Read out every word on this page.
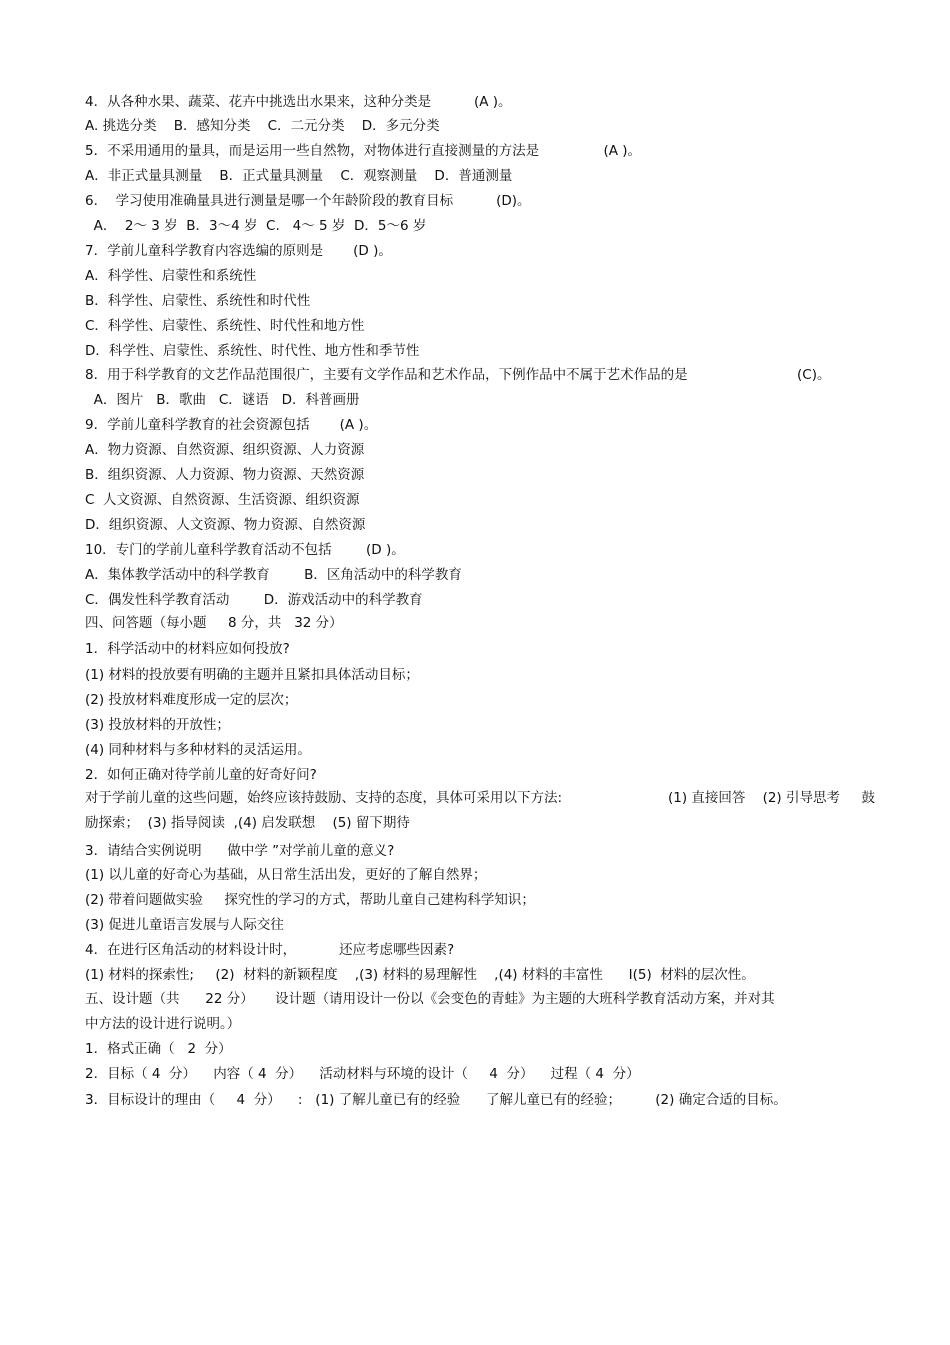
4．从各种水果、蔬菜、花卉中挑选出水果来，这种分类是          (A )。
A. 挑选分类    B．感知分类    C．二元分类    D．多元分类
5．不采用通用的量具，而是运用一些自然物，对物体进行直接测量的方法是               (A )。
A．非正式量具测量    B．正式量具测量    C．观察测量    D．普通测量
6．  学习使用准确量具进行测量是哪一个年龄阶段的教育目标          (D)。
A．  2～ 3 岁  B．3～4 岁  C.   4～ 5 岁  D．5～6 岁
7．学前儿童科学教育内容选编的原则是       (D )。
A．科学性、启蒙性和系统性
B．科学性、启蒙性、系统性和时代性
C．科学性、启蒙性、系统性、时代性和地方性
D．科学性、启蒙性、系统性、时代性、地方性和季节性
8．用于科学教育的文艺作品范围很广，主要有文学作品和艺术作品，下例作品中不属于艺术作品的是	(C)。
A．图片   B．歌曲   C．谜语   D．科普画册
9．学前儿童科学教育的社会资源包括       (A )。
A．物力资源、自然资源、组织资源、人力资源
B．组织资源、人力资源、物力资源、天然资源
C  人文资源、自然资源、生活资源、组织资源
D．组织资源、人文资源、物力资源、自然资源
10．专门的学前儿童科学教育活动不包括        (D )。
A．集体教学活动中的科学教育        B．区角活动中的科学教育
C．偶发性科学教育活动        D．游戏活动中的科学教育
四、问答题（每小题     8 分，共   32 分）
1．科学活动中的材料应如何投放?
(1) 材料的投放要有明确的主题并且紧扣具体活动目标；
(2) 投放材料难度形成一定的层次；
(3) 投放材料的开放性；
(4) 同种材料与多种材料的灵活运用。
2．如何正确对待学前儿童的好奇好问?
对于学前儿童的这些问题，始终应该持鼓励、支持的态度，具体可采用以下方法:	(1) 直接回答    (2) 引导思考     鼓
励探索；  (3) 指导阅读  ,(4) 启发联想    (5) 留下期待
3．请结合实例说明      做中学 ”对学前儿童的意义?
(1) 以儿童的好奇心为基础，从日常生活出发，更好的了解自然界；
(2) 带着问题做实验     探究性的学习的方式，帮助儿童自己建构科学知识；
(3) 促进儿童语言发展与人际交往
4．在进行区角活动的材料设计时，          还应考虑哪些因素?
(1) 材料的探索性;     (2)  材料的新颖程度    ,(3) 材料的易理解性    ,(4) 材料的丰富性      I(5)  材料的层次性。
五、设计题（共      22 分）     设计题（请用设计一份以《会变色的青蛙》为主题的大班科学教育活动方案，并对其
中方法的设计进行说明。）
1．格式正确（   2  分）
2．目标（ 4  分）    内容（ 4  分）    活动材料与环境的设计（     4  分）    过程（ 4  分）
3．目标设计的理由（     4  分）    :   (1) 了解儿童已有的经验      了解儿童已有的经验；        (2) 确定合适的目标。
